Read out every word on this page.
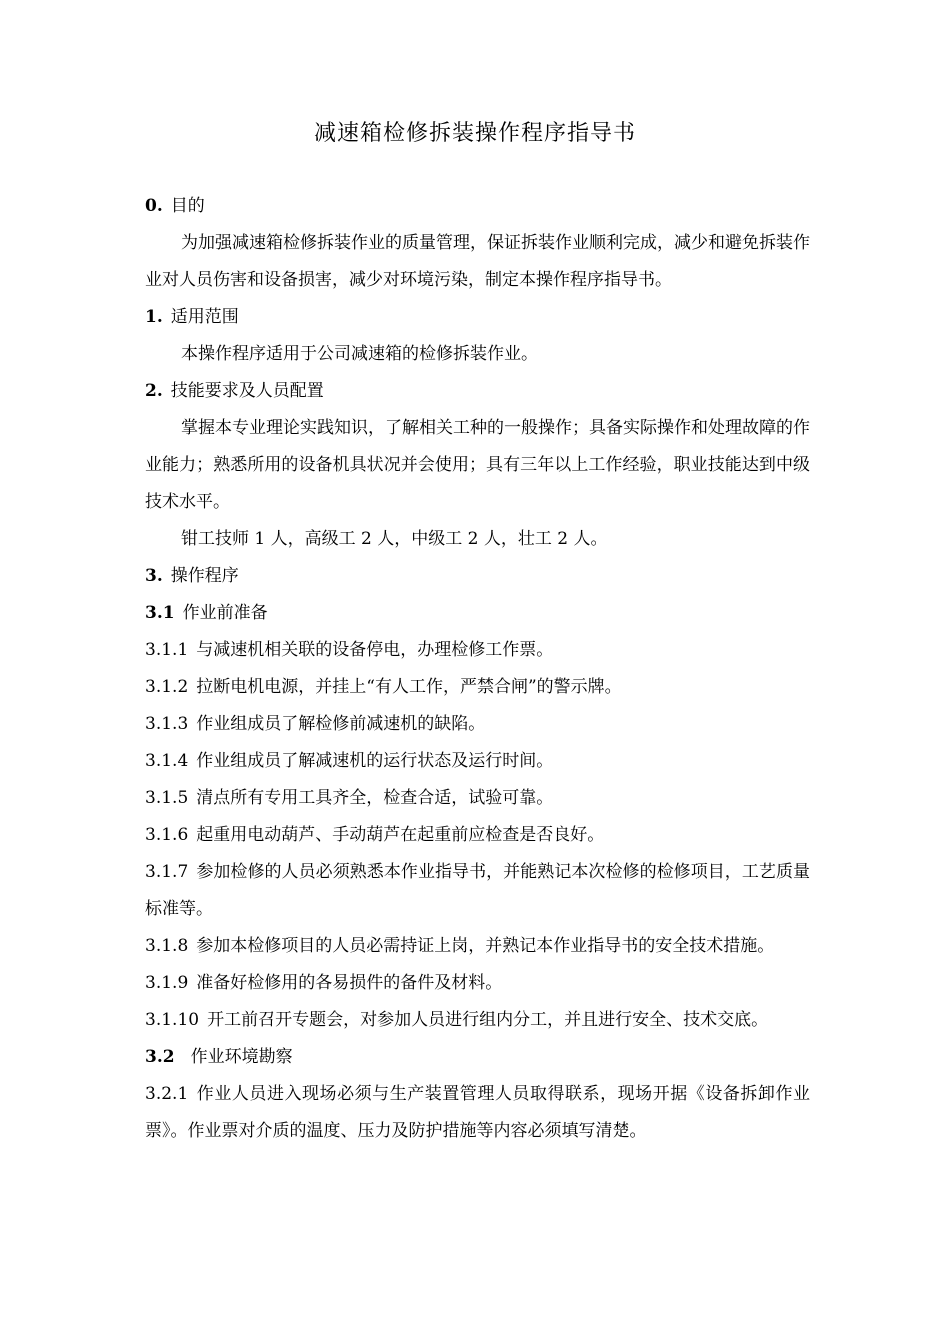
减速箱检修拆装操作程序指导书

0. 目的

为加强减速箱检修拆装作业的质量管理，保证拆装作业顺利完成，减少和避免拆装作业对人员伤害和设备损害，减少对环境污染，制定本操作程序指导书。

1. 适用范围

本操作程序适用于公司减速箱的检修拆装作业。

2. 技能要求及人员配置

掌握本专业理论实践知识，了解相关工种的一般操作；具备实际操作和处理故障的作业能力；熟悉所用的设备机具状况并会使用；具有三年以上工作经验，职业技能达到中级技术水平。

钳工技师 1 人，高级工 2 人，中级工 2 人，壮工 2 人。

3. 操作程序

3.1 作业前准备

3.1.1 与减速机相关联的设备停电，办理检修工作票。

3.1.2 拉断电机电源，并挂上“有人工作，严禁合闸”的警示牌。

3.1.3 作业组成员了解检修前减速机的缺陷。

3.1.4 作业组成员了解减速机的运行状态及运行时间。

3.1.5 清点所有专用工具齐全，检查合适，试验可靠。

3.1.6 起重用电动葫芦、手动葫芦在起重前应检查是否良好。

3.1.7 参加检修的人员必须熟悉本作业指导书，并能熟记本次检修的检修项目，工艺质量标准等。

3.1.8 参加本检修项目的人员必需持证上岗，并熟记本作业指导书的安全技术措施。

3.1.9 准备好检修用的各易损件的备件及材料。

3.1.10 开工前召开专题会，对参加人员进行组内分工，并且进行安全、技术交底。

3.2 作业环境勘察

3.2.1 作业人员进入现场必须与生产装置管理人员取得联系，现场开据《设备拆卸作业票》。作业票对介质的温度、压力及防护措施等内容必须填写清楚。
